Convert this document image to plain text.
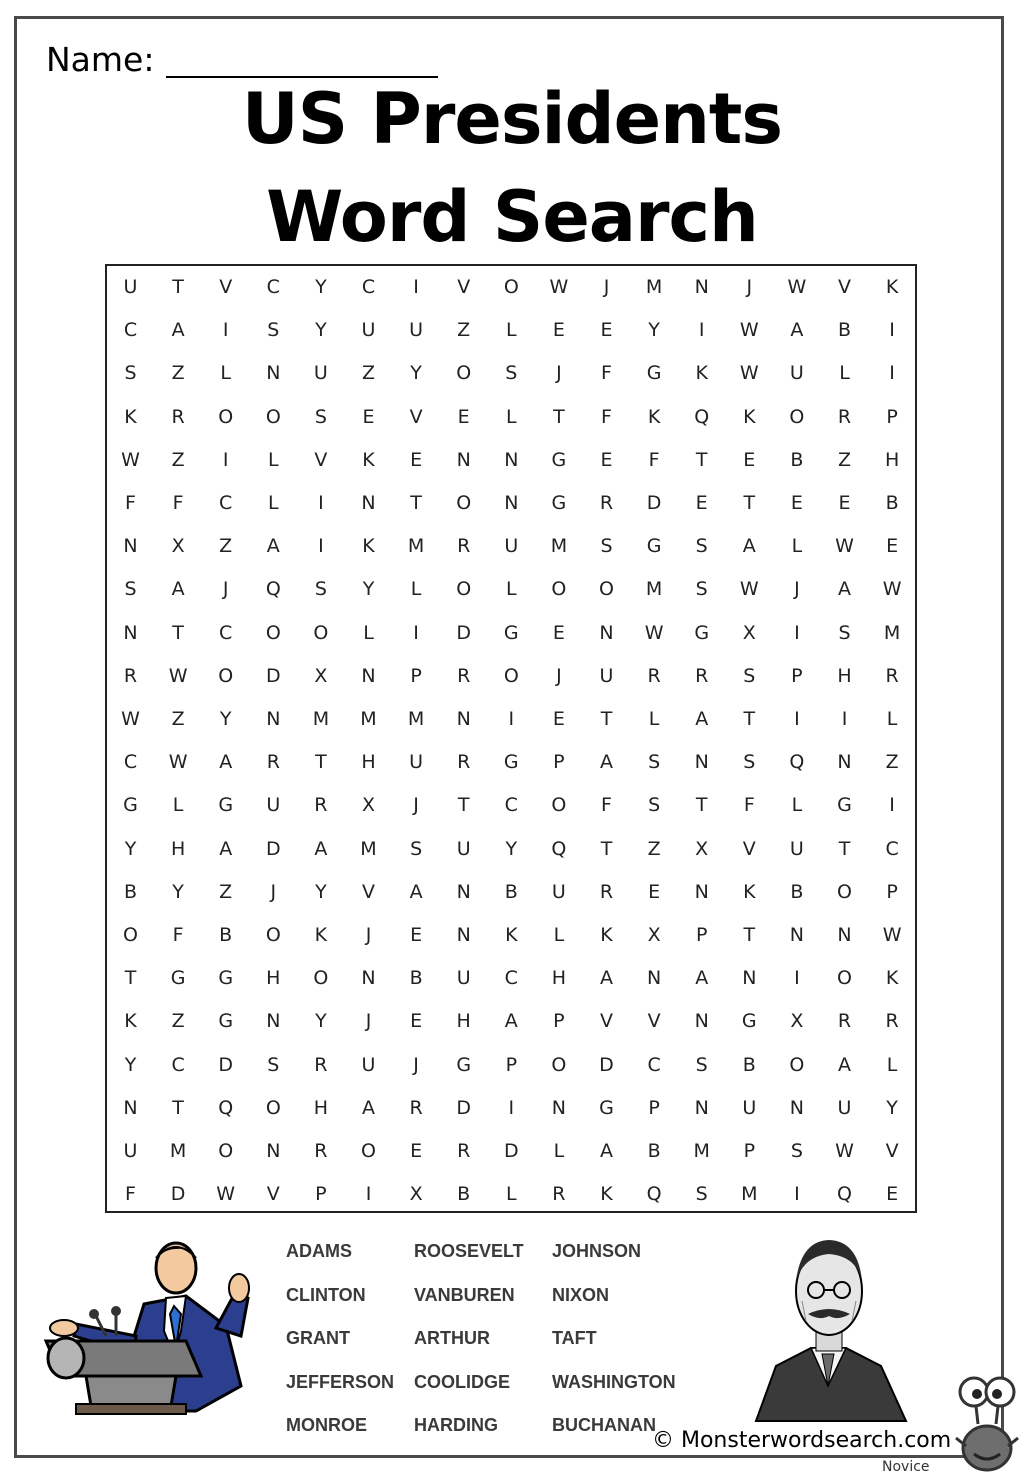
Name:
US Presidents
Word Search
U	T	V	C	Y	C	I	V	O	W	J	M	N	J	W	V	K
C	A	I	S	Y	U	U	Z	L	E	E	Y	I	W	A	B	I
S	Z	L	N	U	Z	Y	O	S	J	F	G	K	W	U	L	I
K	R	O	O	S	E	V	E	L	T	F	K	Q	K	O	R	P
W	Z	I	L	V	K	E	N	N	G	E	F	T	E	B	Z	H
F	F	C	L	I	N	T	O	N	G	R	D	E	T	E	E	B
N	X	Z	A	I	K	M	R	U	M	S	G	S	A	L	W	E
S	A	J	Q	S	Y	L	O	L	O	O	M	S	W	J	A	W
N	T	C	O	O	L	I	D	G	E	N	W	G	X	I	S	M
R	W	O	D	X	N	P	R	O	J	U	R	R	S	P	H	R
W	Z	Y	N	M	M	M	N	I	E	T	L	A	T	I	I	L
C	W	A	R	T	H	U	R	G	P	A	S	N	S	Q	N	Z
G	L	G	U	R	X	J	T	C	O	F	S	T	F	L	G	I
Y	H	A	D	A	M	S	U	Y	Q	T	Z	X	V	U	T	C
B	Y	Z	J	Y	V	A	N	B	U	R	E	N	K	B	O	P
O	F	B	O	K	J	E	N	K	L	K	X	P	T	N	N	W
T	G	G	H	O	N	B	U	C	H	A	N	A	N	I	O	K
K	Z	G	N	Y	J	E	H	A	P	V	V	N	G	X	R	R
Y	C	D	S	R	U	J	G	P	O	D	C	S	B	O	A	L
N	T	Q	O	H	A	R	D	I	N	G	P	N	U	N	U	Y
U	M	O	N	R	O	E	R	D	L	A	B	M	P	S	W	V
F	D	W	V	P	I	X	B	L	R	K	Q	S	M	I	Q	E
ADAMS
CLINTON
GRANT
JEFFERSON
MONROE
ROOSEVELT
VANBUREN
ARTHUR
COOLIDGE
HARDING
JOHNSON
NIXON
TAFT
WASHINGTON
BUCHANAN
© Monsterwordsearch.com
Novice
